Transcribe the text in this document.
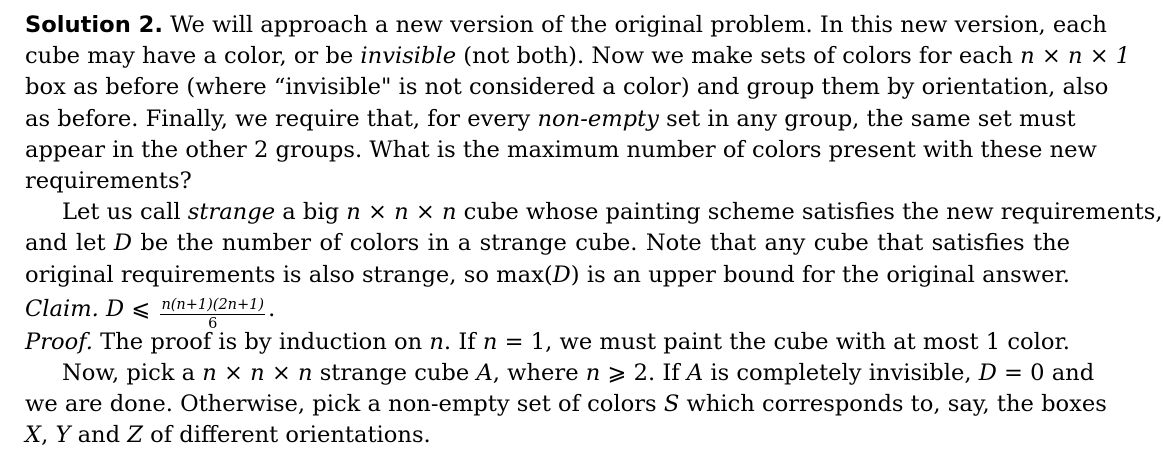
Solution 2. We will approach a new version of the original problem. In this new version, each
cube may have a color, or be invisible (not both). Now we make sets of colors for each n × n × 1
box as before (where “invisible" is not considered a color) and group them by orientation, also
as before. Finally, we require that, for every non-empty set in any group, the same set must
appear in the other 2 groups. What is the maximum number of colors present with these new
requirements?
Let us call strange a big n × n × n cube whose painting scheme satisfies the new requirements,
and let D be the number of colors in a strange cube. Note that any cube that satisfies the
original requirements is also strange, so max(D) is an upper bound for the original answer.
Claim. D ⩽ $\frac{n(n+1)(2n+1)}{6}$ .
Proof. The proof is by induction on n. If n = 1, we must paint the cube with at most 1 color.
Now, pick a n × n × n strange cube A, where n ⩾ 2. If A is completely invisible, D = 0 and
we are done. Otherwise, pick a non-empty set of colors S which corresponds to, say, the boxes
X, Y and Z of different orientations.
